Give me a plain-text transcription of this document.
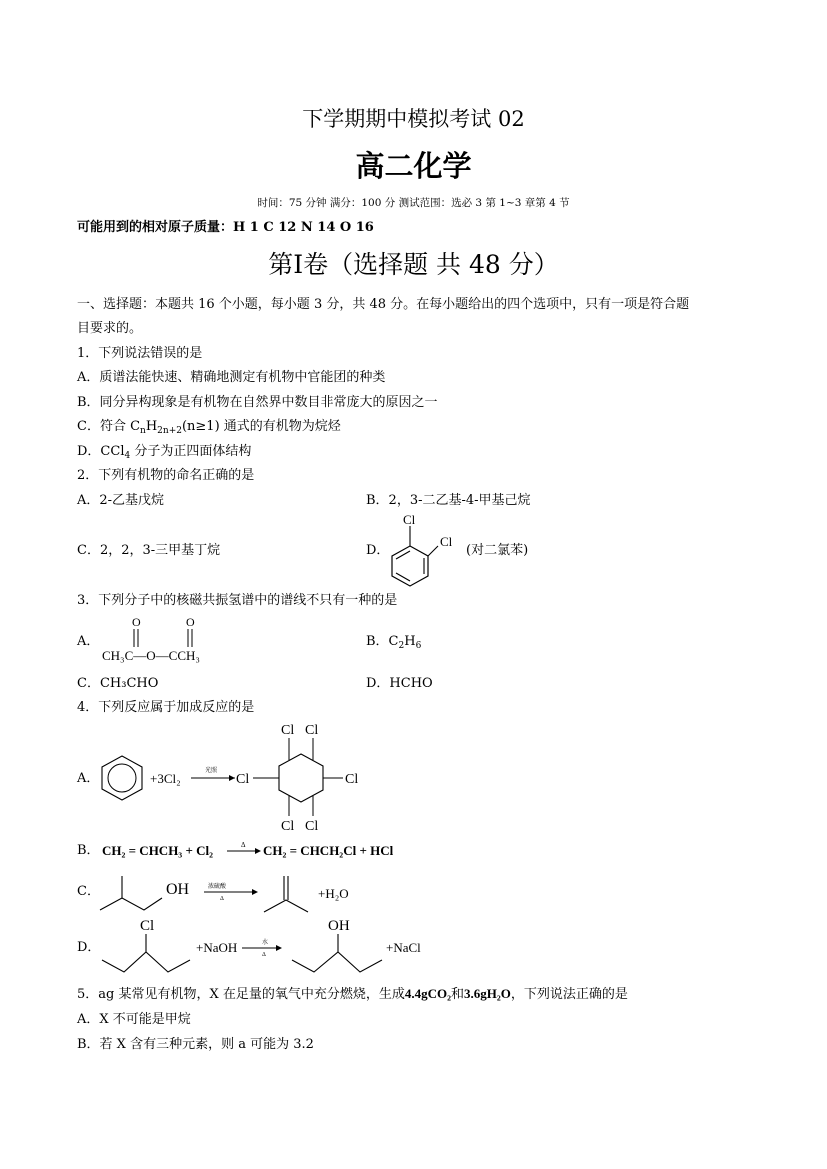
下学期期中模拟考试 02
高二化学
时间：75 分钟 满分：100 分 测试范围：选必 3 第 1~3 章第 4 节
可能用到的相对原子质量：H 1 C 12 N 14 O 16
第Ⅰ卷（选择题 共 48 分）
一、选择题：本题共 16 个小题，每小题 3 分，共 48 分。在每小题给出的四个选项中，只有一项是符合题
目要求的。
1．下列说法错误的是
A．质谱法能快速、精确地测定有机物中官能团的种类
B．同分异构现象是有机物在自然界中数目非常庞大的原因之一
C．符合 $C_nH_{2n+2}(n\ge 1)$ 通式的有机物为烷烃
D．CCl$_4$ 分子为正四面体结构
2．下列有机物的命名正确的是
A．2-乙基戊烷	B．2，3-二乙基-4-甲基己烷
C．2，2，3-三甲基丁烷	D．
Cl
Cl
(对二氯苯)
3．下列分子中的核磁共振氢谱中的谱线不只有一种的是
A．
O	O
CH₃C—O—CCH₃
B．$C_2H_6$
C．CH₃CHO	D．HCHO
4．下列反应属于加成反应的是
A．	+3Cl₂	光照
Cl Cl
Cl	Cl
Cl Cl
B． CH₂ = CHCH₃ + Cl₂	Δ CH₂ = CHCH₂Cl + HCl
C．	OH	浓硫酸
Δ	+H₂O
D．
Cl
+NaOH	水
Δ
OH
+NaCl
5．ag 某常见有机物，X 在足量的氧气中充分燃烧，生成4.4gCO₂和3.6gH₂O，下列说法正确的是
A．X 不可能是甲烷
B．若 X 含有三种元素，则 a 可能为 3.2
